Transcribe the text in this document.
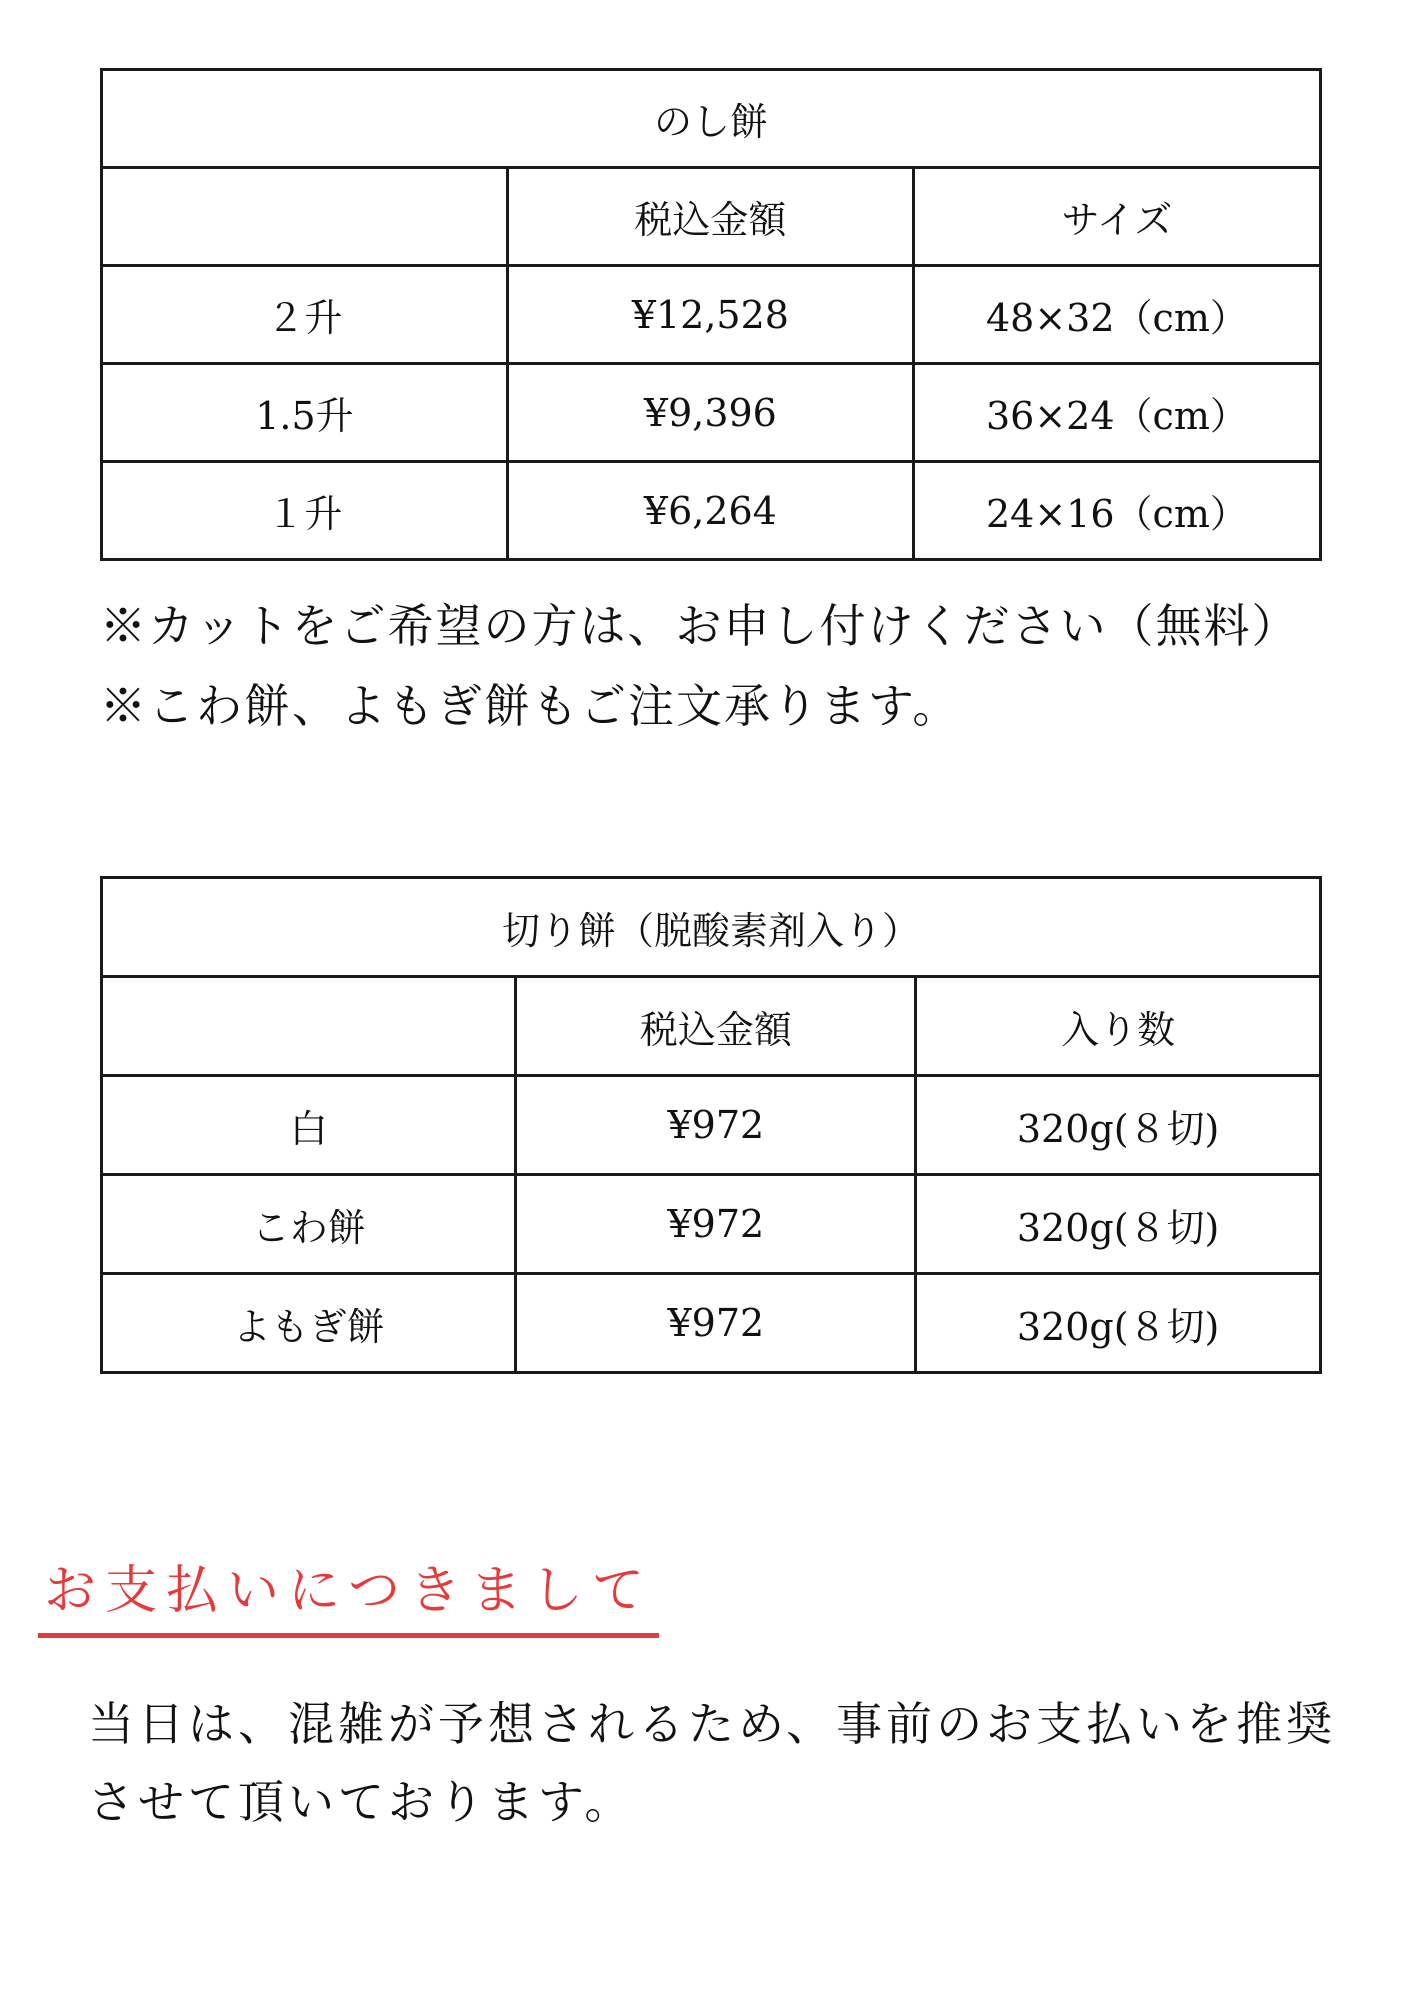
のし餅		
	税込金額	サイズ
２升	¥12,528	48×32（cm）
1.5升	¥9,396	36×24（cm）
１升	¥6,264	24×16（cm）
※カットをご希望の方は、お申し付けください（無料）
※こわ餅、よもぎ餅もご注文承ります。
切り餅（脱酸素剤入り）		
	税込金額	入り数
白	¥972	320g(８切)
こわ餅	¥972	320g(８切)
よもぎ餅	¥972	320g(８切)
お支払いにつきまして
当日は、混雑が予想されるため、事前のお支払いを推奨
させて頂いております。
